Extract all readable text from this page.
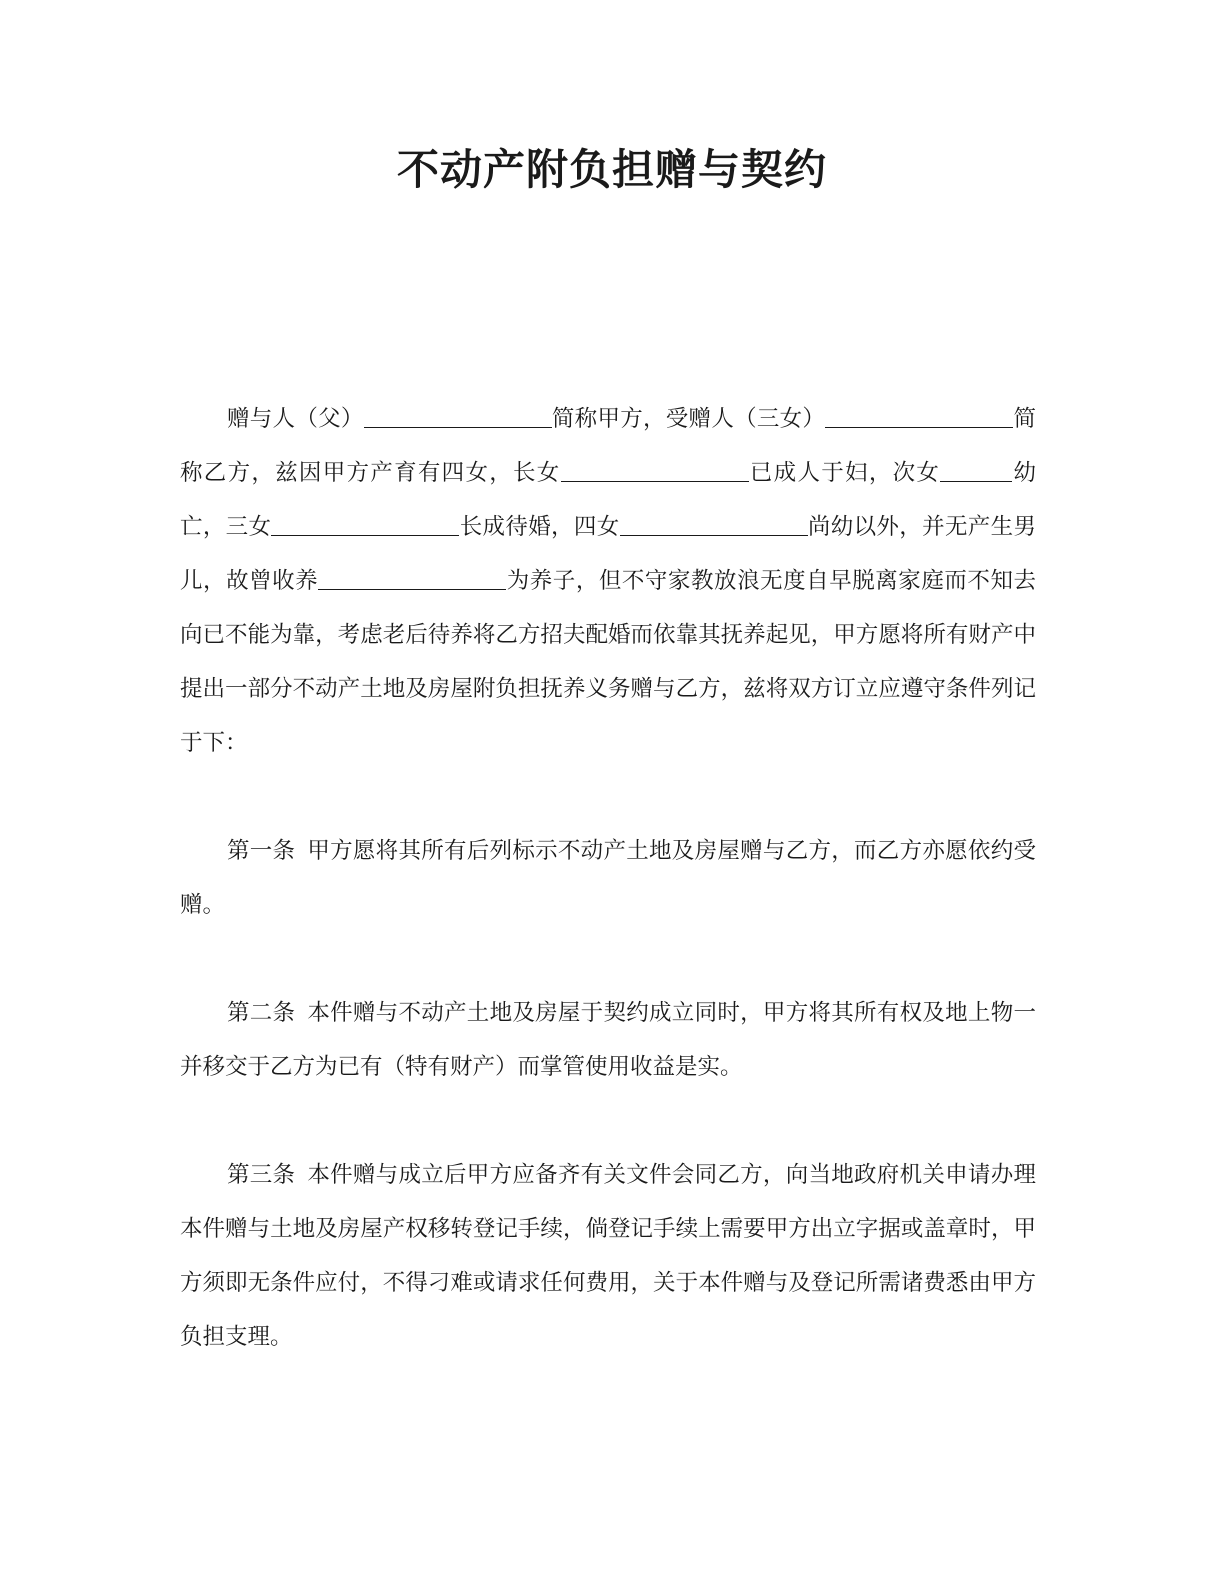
不动产附负担赠与契约

赠与人（父）	简称甲方，受赠人（三女）	简称乙方，兹因甲方产育有四女，长女	已成人于妇，次女	幼亡，三女	长成待婚，四女	尚幼以外，并无产生男儿，故曾收养	为养子，但不守家教放浪无度自早脱离家庭而不知去向已不能为靠，考虑老后待养将乙方招夫配婚而依靠其抚养起见，甲方愿将所有财产中提出一部分不动产土地及房屋附负担抚养义务赠与乙方，兹将双方订立应遵守条件列记于下：

第一条 甲方愿将其所有后列标示不动产土地及房屋赠与乙方，而乙方亦愿依约受赠。

第二条 本件赠与不动产土地及房屋于契约成立同时，甲方将其所有权及地上物一并移交于乙方为已有（特有财产）而掌管使用收益是实。

第三条 本件赠与成立后甲方应备齐有关文件会同乙方，向当地政府机关申请办理本件赠与土地及房屋产权移转登记手续，倘登记手续上需要甲方出立字据或盖章时，甲方须即无条件应付，不得刁难或请求任何费用，关于本件赠与及登记所需诸费悉由甲方负担支理。
